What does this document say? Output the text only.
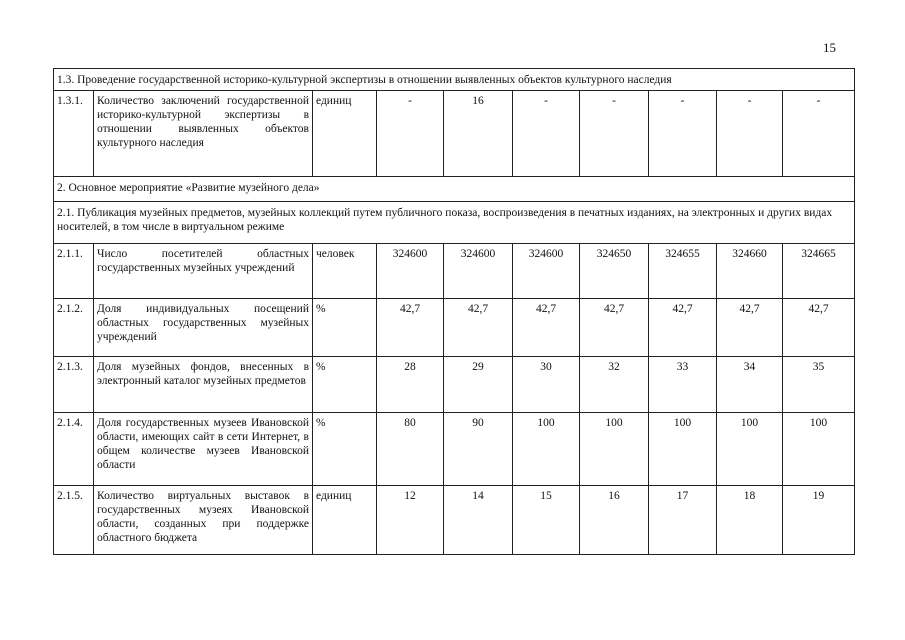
15
1.3. Проведение государственной историко-культурной экспертизы в отношении выявленных объектов культурного наследия									
1.3.1.	Количество заключений государственной историко-культурной экспертизы в отношении выявленных объектов культурного наследия	единиц	-	16	-	-	-	-	-
2. Основное мероприятие «Развитие музейного дела»									
2.1. Публикация музейных предметов, музейных коллекций путем публичного показа, воспроизведения в печатных изданиях, на электронных и других видах носителей, в том числе в виртуальном режиме									
2.1.1.	Число посетителей областных государственных музейных учреждений	человек	324600	324600	324600	324650	324655	324660	324665
2.1.2.	Доля индивидуальных посещений областных государственных музейных учреждений	%	42,7	42,7	42,7	42,7	42,7	42,7	42,7
2.1.3.	Доля музейных фондов, внесенных в электронный каталог музейных предметов	%	28	29	30	32	33	34	35
2.1.4.	Доля государственных музеев Ивановской области, имеющих сайт в сети Интернет, в общем количестве музеев Ивановской области	%	80	90	100	100	100	100	100
2.1.5.	Количество виртуальных выставок в государственных музеях Ивановской области, созданных при поддержке областного бюджета	единиц	12	14	15	16	17	18	19
